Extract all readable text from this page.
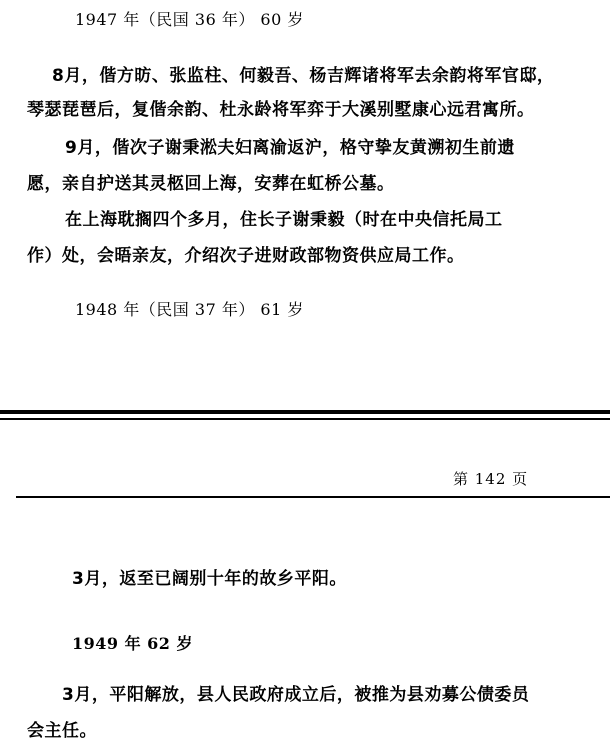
1947 年（民国 36 年） 60 岁
8月，偕方昉、张监柱、何毅吾、杨吉辉诸将军去余韵将军官邸，
琴瑟琵琶后，复偕余韵、杜永龄将军弈于大溪别墅康心远君寓所。
9月，偕次子谢秉淞夫妇离渝返沪，格守挚友黄溯初生前遗
愿，亲自护送其灵柩回上海，安葬在虹桥公墓。
在上海耽搁四个多月，住长子谢秉毅（时在中央信托局工
作）处，会晤亲友，介绍次子进财政部物资供应局工作。
1948 年（民国 37 年） 61 岁
第 142 页
3月，返至已阔别十年的故乡平阳。
1949 年 62 岁
3月，平阳解放，县人民政府成立后，被推为县劝募公债委员
会主任。
